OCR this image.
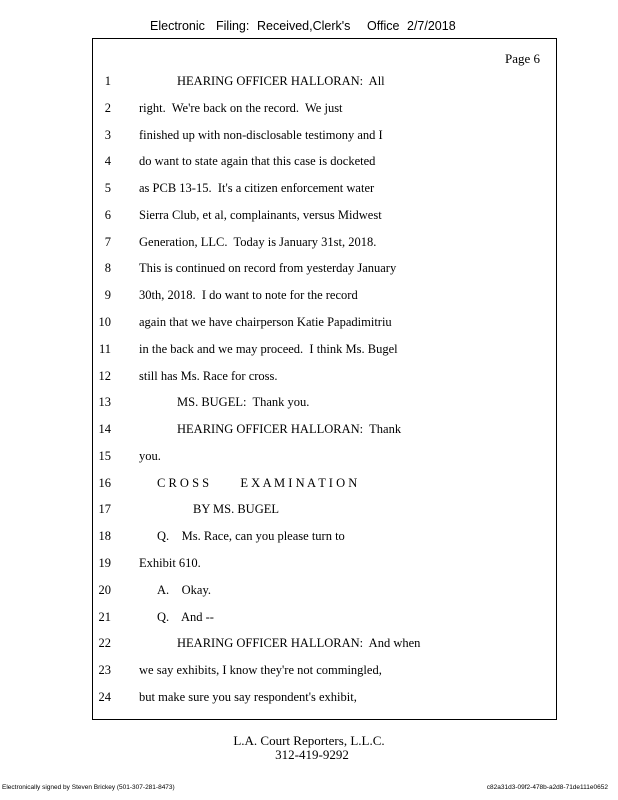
Electronic Filing: Received,Clerk's Office 2/7/2018
Page 6
1	HEARING OFFICER HALLORAN:  All
2 right.  We're back on the record.  We just
3 finished up with non-disclosable testimony and I
4 do want to state again that this case is docketed
5 as PCB 13-15.  It's a citizen enforcement water
6 Sierra Club, et al, complainants, versus Midwest
7 Generation, LLC.  Today is January 31st, 2018.
8 This is continued on record from yesterday January
9 30th, 2018.  I do want to note for the record
10 again that we have chairperson Katie Papadimitriu
11 in the back and we may proceed.  I think Ms. Bugel
12 still has Ms. Race for cross.
13	MS. BUGEL:  Thank you.
14	HEARING OFFICER HALLORAN:  Thank
15 you.
16	C R O S S          E X A M I N A T I O N
17	BY MS. BUGEL
18	Q.    Ms. Race, can you please turn to
19 Exhibit 610.
20	A.    Okay.
21	Q.    And --
22	HEARING OFFICER HALLORAN:  And when
23 we say exhibits, I know they're not commingled,
24 but make sure you say respondent's exhibit,
L.A. Court Reporters, L.L.C.
312-419-9292
Electronically signed by Steven Brickey (501-307-281-8473)	c82a31d3-09f2-478b-a2d8-71de111e0652
